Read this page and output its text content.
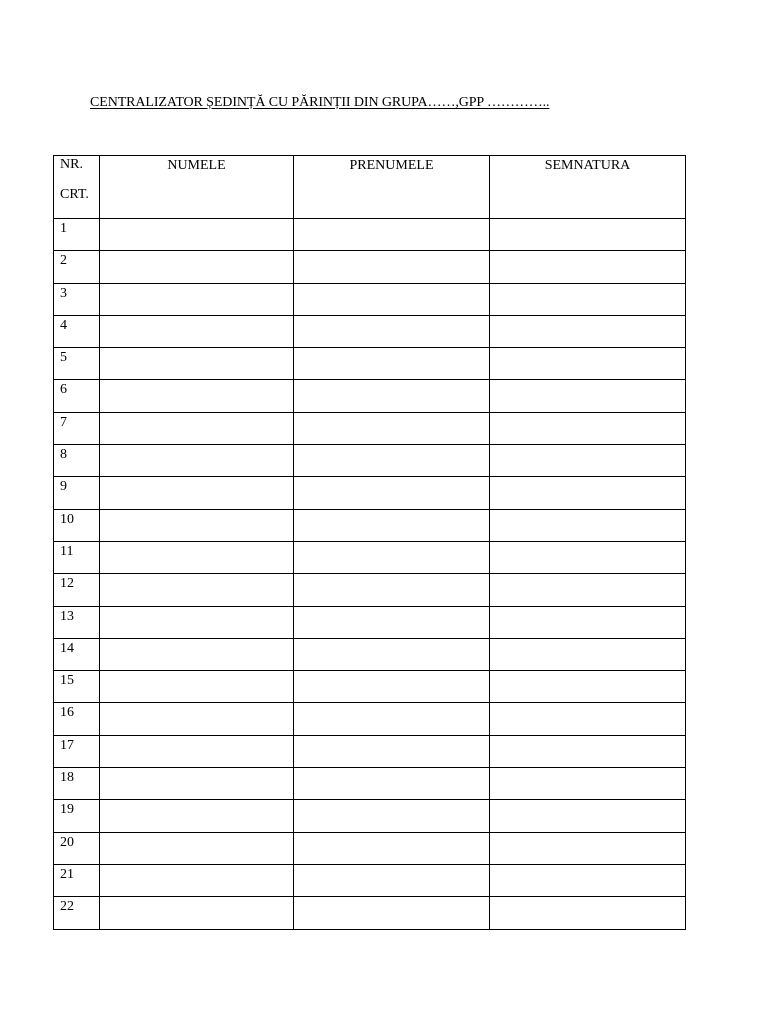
CENTRALIZATOR ȘEDINȚĂ CU PĂRINȚII DIN GRUPA……,GPP …………..
NR.
CRT.	NUMELE	PRENUMELE	SEMNATURA
1			
2			
3			
4			
5			
6			
7			
8			
9			
10			
11			
12			
13			
14			
15			
16			
17			
18			
19			
20			
21			
22			
